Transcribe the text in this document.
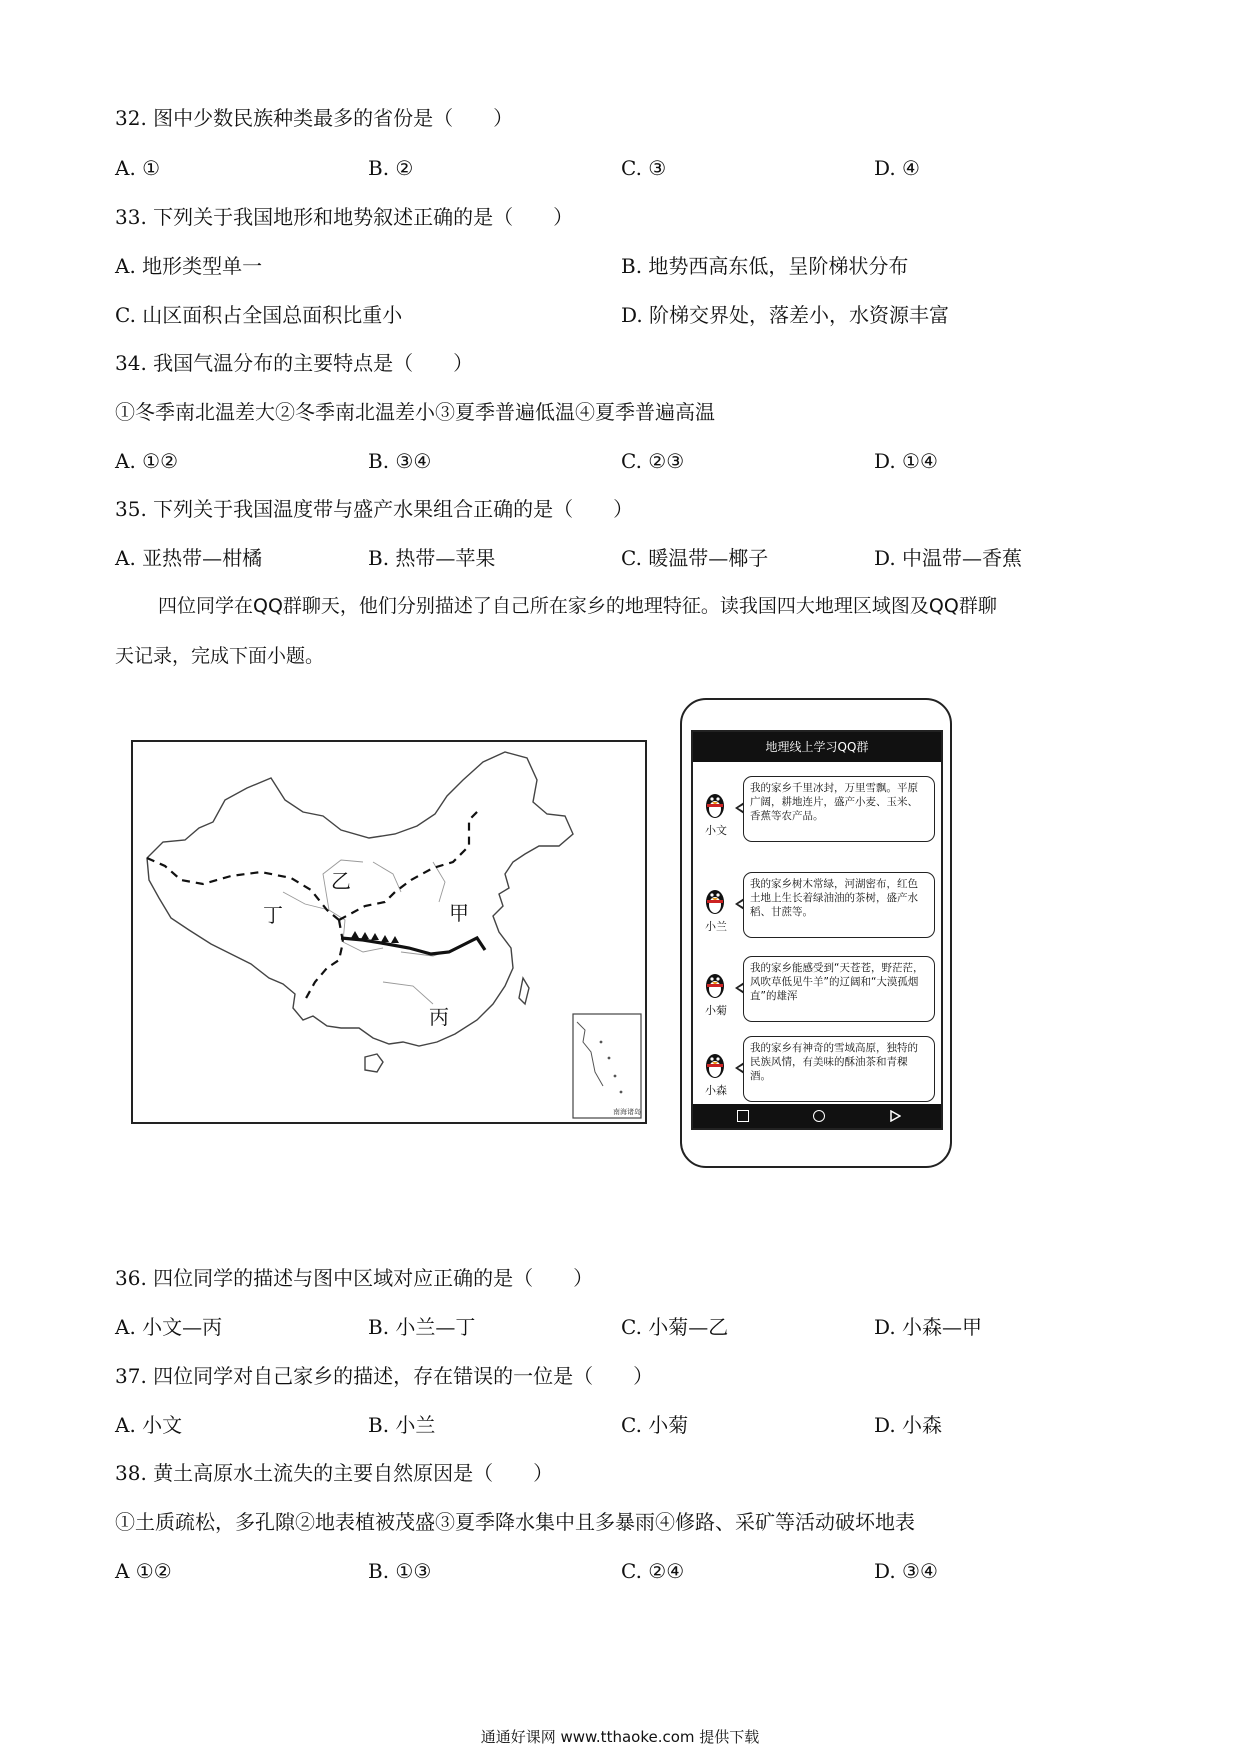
32. 图中少数民族种类最多的省份是（　　）
A. ①	B. ②	C. ③	D. ④
33. 下列关于我国地形和地势叙述正确的是（　　）
A. 地形类型单一	B. 地势西高东低，呈阶梯状分布
C. 山区面积占全国总面积比重小	D. 阶梯交界处，落差小，水资源丰富
34. 我国气温分布的主要特点是（　　）
①冬季南北温差大②冬季南北温差小③夏季普遍低温④夏季普遍高温
A. ①②	B. ③④	C. ②③	D. ①④
35. 下列关于我国温度带与盛产水果组合正确的是（　　）
A. 亚热带—柑橘	B. 热带—苹果	C. 暖温带—椰子	D. 中温带—香蕉
四位同学在QQ群聊天，他们分别描述了自己所在家乡的地理特征。读我国四大地理区域图及QQ群聊
天记录，完成下面小题。
南海诸岛
乙
甲
丁
丙
地理线上学习QQ群
小文
我的家乡千里冰封，万里雪飘。平原广阔，耕地连片，盛产小麦、玉米、香蕉等农产品。
小兰
我的家乡树木常绿，河湖密布，红色土地上生长着绿油油的茶树，盛产水稻、甘蔗等。
小菊
我的家乡能感受到“天苍苍，野茫茫，风吹草低见牛羊”的辽阔和“大漠孤烟直”的雄浑
小森
我的家乡有神奇的雪域高原，独特的民族风情，有美味的酥油茶和青稞酒。
36. 四位同学的描述与图中区域对应正确的是（　　）
A. 小文—丙	B. 小兰—丁	C. 小菊—乙	D. 小森—甲
37. 四位同学对自己家乡的描述，存在错误的一位是（　　）
A. 小文	B. 小兰	C. 小菊	D. 小森
38. 黄土高原水土流失的主要自然原因是（　　）
①土质疏松，多孔隙②地表植被茂盛③夏季降水集中且多暴雨④修路、采矿等活动破坏地表
A ①②	B. ①③	C. ②④	D. ③④
通通好课网 www.tthaoke.com 提供下载
